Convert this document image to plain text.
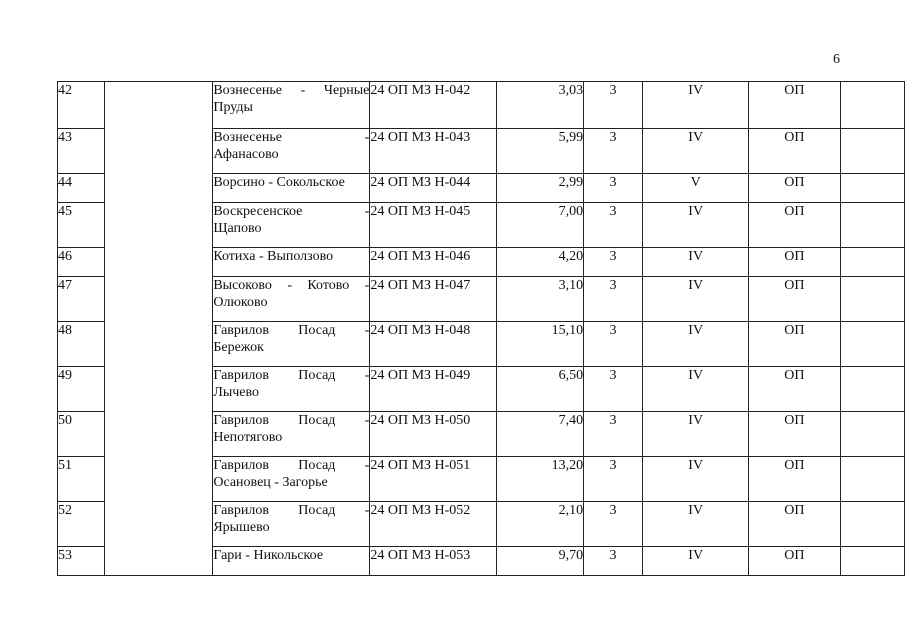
6
42		Вознесенье - Черные
Пруды	24 ОП МЗ Н-042	3,03	3	IV	ОП	
43		Вознесенье -
Афанасово	24 ОП МЗ Н-043	5,99	3	IV	ОП	
44		Ворсино - Сокольское	24 ОП МЗ Н-044	2,99	3	V	ОП	
45		Воскресенское -
Щапово	24 ОП МЗ Н-045	7,00	3	IV	ОП	
46		Котиха - Выползово	24 ОП МЗ Н-046	4,20	3	IV	ОП	
47		Высоково - Котово -
Олюково	24 ОП МЗ Н-047	3,10	3	IV	ОП	
48		Гаврилов Посад -
Бережок	24 ОП МЗ Н-048	15,10	3	IV	ОП	
49		Гаврилов Посад -
Лычево	24 ОП МЗ Н-049	6,50	3	IV	ОП	
50		Гаврилов Посад -
Непотягово	24 ОП МЗ Н-050	7,40	3	IV	ОП	
51		Гаврилов Посад -
Осановец - Загорье	24 ОП МЗ Н-051	13,20	3	IV	ОП	
52		Гаврилов Посад -
Ярышево	24 ОП МЗ Н-052	2,10	3	IV	ОП	
53		Гари - Никольское	24 ОП МЗ Н-053	9,70	3	IV	ОП	
